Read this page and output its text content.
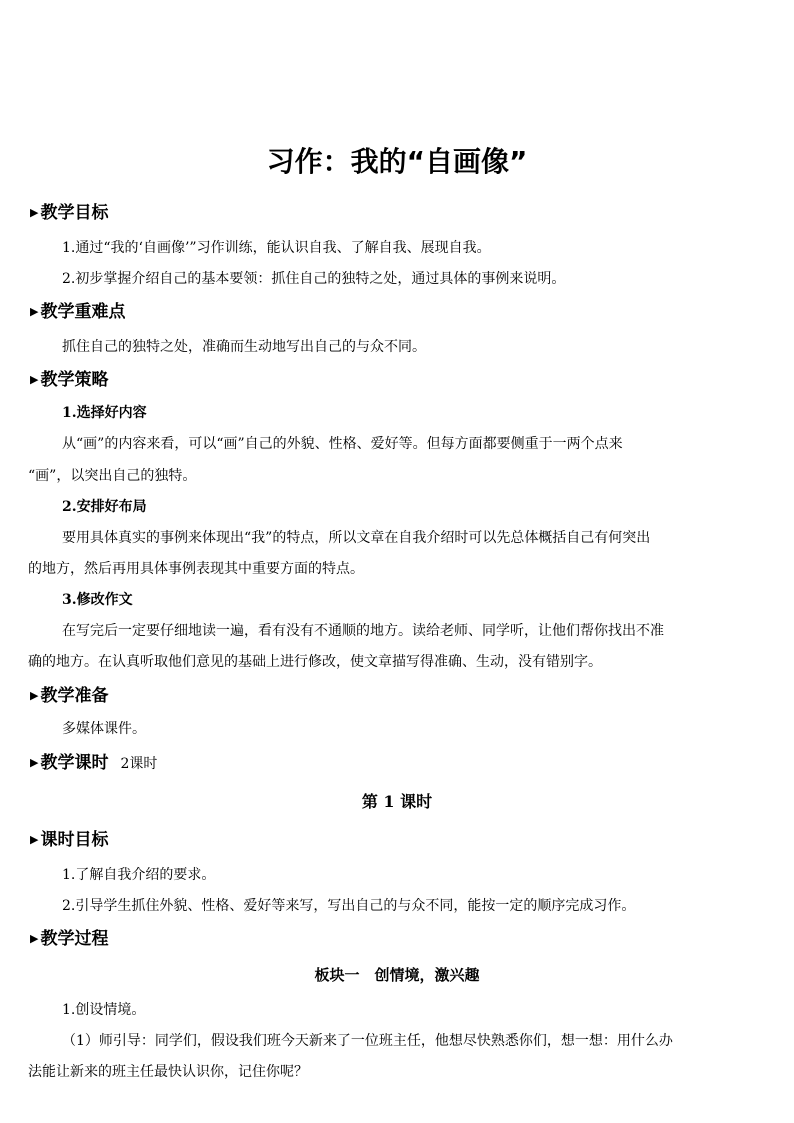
习作：我的“自画像”
▶ 教学目标
1.通过“我的‘自画像’”习作训练，能认识自我、了解自我、展现自我。
2.初步掌握介绍自己的基本要领：抓住自己的独特之处，通过具体的事例来说明。
▶ 教学重难点
抓住自己的独特之处，准确而生动地写出自己的与众不同。
▶ 教学策略
1.选择好内容
从“画”的内容来看，可以“画”自己的外貌、性格、爱好等。但每方面都要侧重于一两个点来
“画”，以突出自己的独特。
2.安排好布局
要用具体真实的事例来体现出“我”的特点，所以文章在自我介绍时可以先总体概括自己有何突出
的地方，然后再用具体事例表现其中重要方面的特点。
3.修改作文
在写完后一定要仔细地读一遍，看有没有不通顺的地方。读给老师、同学听，让他们帮你找出不准
确的地方。在认真听取他们意见的基础上进行修改，使文章描写得准确、生动，没有错别字。
▶ 教学准备
多媒体课件。
▶ 教学课时 2课时
第 1 课时
▶ 课时目标
1.了解自我介绍的要求。
2.引导学生抓住外貌、性格、爱好等来写，写出自己的与众不同，能按一定的顺序完成习作。
▶ 教学过程
板块一　创情境，激兴趣
1.创设情境。
（1）师引导：同学们，假设我们班今天新来了一位班主任，他想尽快熟悉你们，想一想：用什么办
法能让新来的班主任最快认识你，记住你呢？
